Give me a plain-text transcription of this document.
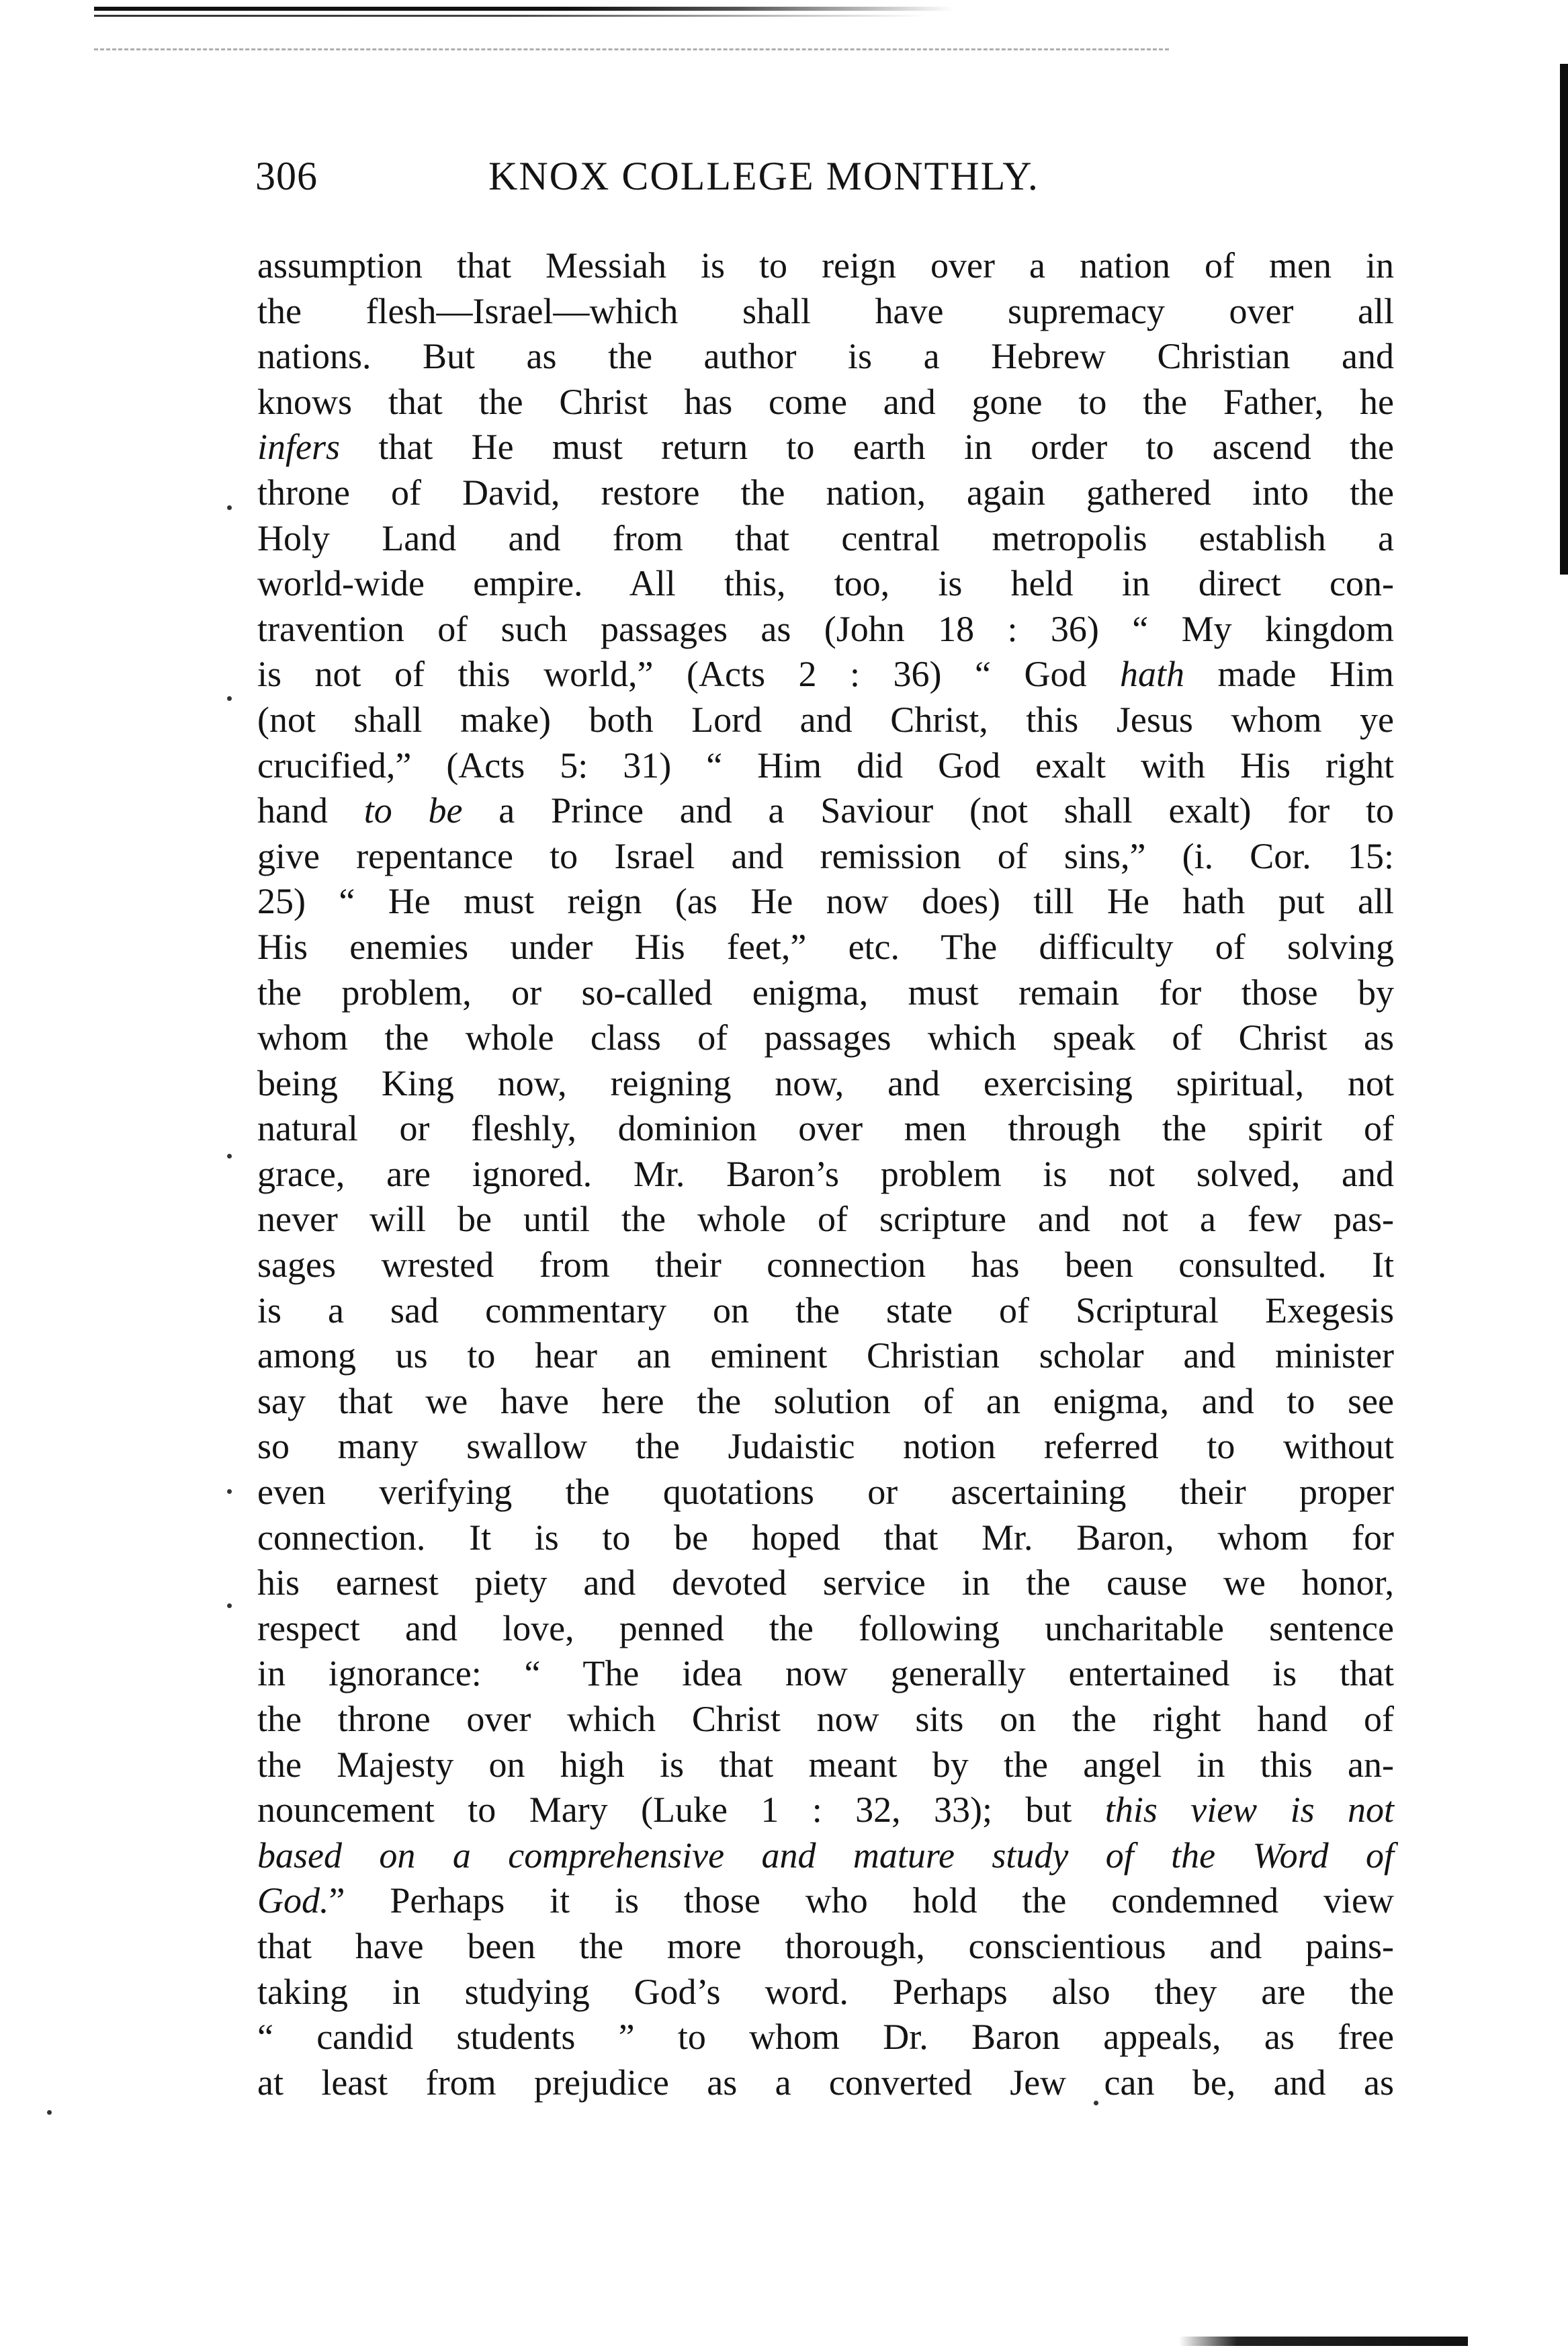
306	KNOX COLLEGE MONTHLY.
assumption that Messiah is to reign over a nation of men in
the flesh—Israel—which shall have supremacy over all
nations. But as the author is a Hebrew Christian and
knows that the Christ has come and gone to the Father, he
infers that He must return to earth in order to ascend the
throne of David, restore the nation, again gathered into the
Holy Land and from that central metropolis establish a
world-wide empire. All this, too, is held in direct con-
travention of such passages as (John 18 : 36) “ My kingdom
is not of this world,” (Acts 2 : 36) “ God hath made Him
(not shall make) both Lord and Christ, this Jesus whom ye
crucified,” (Acts 5: 31) “ Him did God exalt with His right
hand to be a Prince and a Saviour (not shall exalt) for to
give repentance to Israel and remission of sins,” (i. Cor. 15:
25) “ He must reign (as He now does) till He hath put all
His enemies under His feet,” etc. The difficulty of solving
the problem, or so-called enigma, must remain for those by
whom the whole class of passages which speak of Christ as
being King now, reigning now, and exercising spiritual, not
natural or fleshly, dominion over men through the spirit of
grace, are ignored. Mr. Baron’s problem is not solved, and
never will be until the whole of scripture and not a few pas-
sages wrested from their connection has been consulted. It
is a sad commentary on the state of Scriptural Exegesis
among us to hear an eminent Christian scholar and minister
say that we have here the solution of an enigma, and to see
so many swallow the Judaistic notion referred to without
even verifying the quotations or ascertaining their proper
connection. It is to be hoped that Mr. Baron, whom for
his earnest piety and devoted service in the cause we honor,
respect and love, penned the following uncharitable sentence
in ignorance: “ The idea now generally entertained is that
the throne over which Christ now sits on the right hand of
the Majesty on high is that meant by the angel in this an-
nouncement to Mary (Luke 1 : 32, 33); but this view is not
based on a comprehensive and mature study of the Word of
God.” Perhaps it is those who hold the condemned view
that have been the more thorough, conscientious and pains-
taking in studying God’s word. Perhaps also they are the
“ candid students ” to whom Dr. Baron appeals, as free
at least from prejudice as a converted Jew can be, and as
